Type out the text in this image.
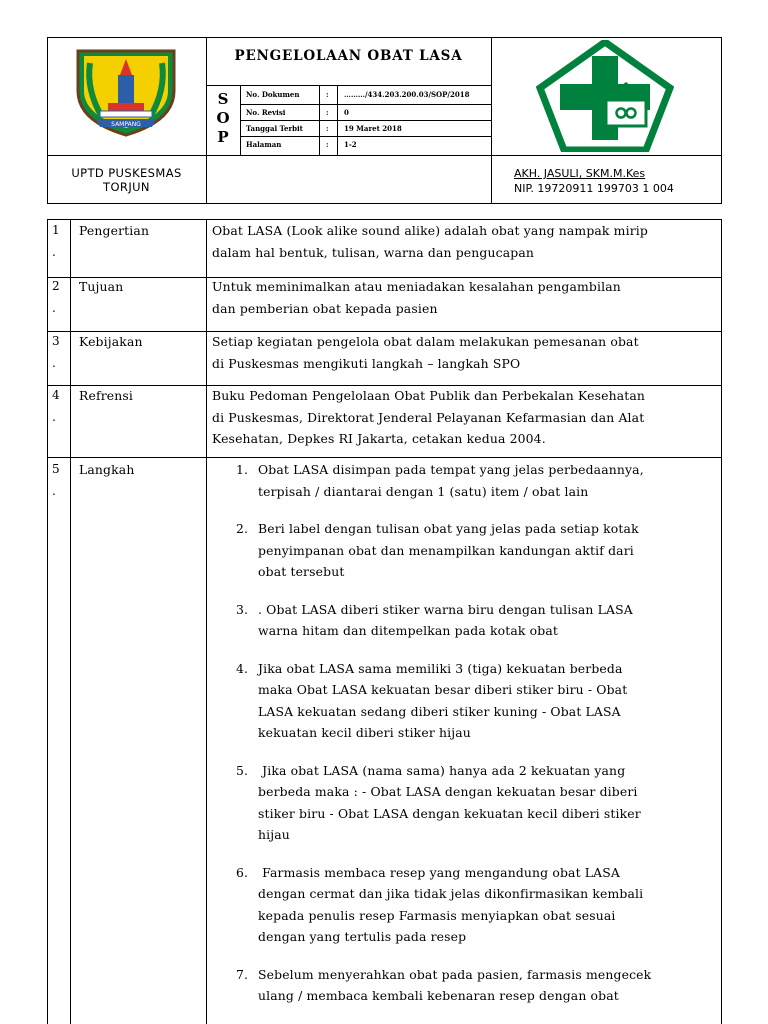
SAMPANG
PENGELOLAAN OBAT LASA
S
O
P
No. Dokumen	: ………/434.203.200.03/SOP/2018
No. Revisi	: 0
Tanggal Terbit	: 19 Maret 2018
Halaman	: 1-2
UPTD PUSKESMAS
TORJUN
AKH. JASULI, SKM.M.Kes
NIP. 19720911 199703 1 004
1
.
Pengertian	Obat LASA (Look alike sound alike) adalah obat yang nampak mirip
dalam hal bentuk, tulisan, warna dan pengucapan
2
.
Tujuan	Untuk meminimalkan atau meniadakan kesalahan pengambilan
dan pemberian obat kepada pasien
3
.
Kebijakan	Setiap kegiatan pengelola obat dalam melakukan pemesanan obat
di Puskesmas mengikuti langkah – langkah SPO
4
.
Refrensi	Buku Pedoman Pengelolaan Obat Publik dan Perbekalan Kesehatan
di Puskesmas, Direktorat Jenderal Pelayanan Kefarmasian dan Alat
Kesehatan, Depkes RI Jakarta, cetakan kedua 2004.
5
.
Langkah	1. Obat LASA disimpan pada tempat yang jelas perbedaannya,
terpisah / diantarai dengan 1 (satu) item / obat lain
2. Beri label dengan tulisan obat yang jelas pada setiap kotak
penyimpanan obat dan menampilkan kandungan aktif dari
obat tersebut
3. . Obat LASA diberi stiker warna biru dengan tulisan LASA
warna hitam dan ditempelkan pada kotak obat
4. Jika obat LASA sama memiliki 3 (tiga) kekuatan berbeda
maka Obat LASA kekuatan besar diberi stiker biru - Obat
LASA kekuatan sedang diberi stiker kuning - Obat LASA
kekuatan kecil diberi stiker hijau
5. Jika obat LASA (nama sama) hanya ada 2 kekuatan yang
berbeda maka : - Obat LASA dengan kekuatan besar diberi
stiker biru - Obat LASA dengan kekuatan kecil diberi stiker
hijau
6. Farmasis membaca resep yang mengandung obat LASA
dengan cermat dan jika tidak jelas dikonfirmasikan kembali
kepada penulis resep Farmasis menyiapkan obat sesuai
dengan yang tertulis pada resep
7. Sebelum menyerahkan obat pada pasien, farmasis mengecek
ulang / membaca kembali kebenaran resep dengan obat
